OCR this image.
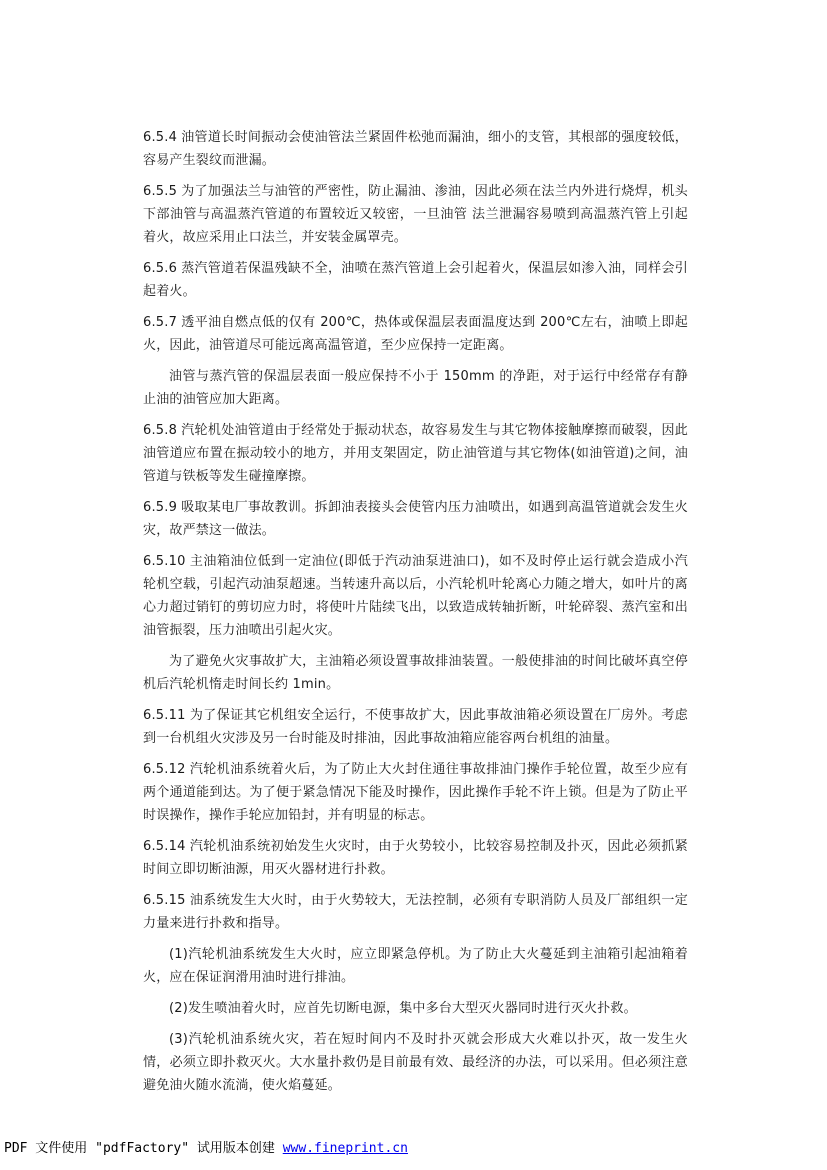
6.5.4 油管道长时间振动会使油管法兰紧固件松弛而漏油，细小的支管，其根部的强度较低，容易产生裂纹而泄漏。

6.5.5 为了加强法兰与油管的严密性，防止漏油、渗油，因此必须在法兰内外进行烧焊，机头下部油管与高温蒸汽管道的布置较近又较密，一旦油管 法兰泄漏容易喷到高温蒸汽管上引起着火，故应采用止口法兰，并安装金属罩壳。

6.5.6 蒸汽管道若保温残缺不全，油喷在蒸汽管道上会引起着火，保温层如渗入油，同样会引起着火。

6.5.7 透平油自燃点低的仅有 200℃，热体或保温层表面温度达到 200℃左右，油喷上即起火，因此，油管道尽可能远离高温管道，至少应保持一定距离。

油管与蒸汽管的保温层表面一般应保持不小于 150mm 的净距，对于运行中经常存有静止油的油管应加大距离。

6.5.8 汽轮机处油管道由于经常处于振动状态，故容易发生与其它物体接触摩擦而破裂，因此油管道应布置在振动较小的地方，并用支架固定，防止油管道与其它物体(如油管道)之间，油管道与铁板等发生碰撞摩擦。

6.5.9 吸取某电厂事故教训。拆卸油表接头会使管内压力油喷出，如遇到高温管道就会发生火灾，故严禁这一做法。

6.5.10 主油箱油位低到一定油位(即低于汽动油泵进油口)，如不及时停止运行就会造成小汽轮机空载，引起汽动油泵超速。当转速升高以后，小汽轮机叶轮离心力随之增大，如叶片的离心力超过销钉的剪切应力时，将使叶片陆续飞出，以致造成转轴折断，叶轮碎裂、蒸汽室和出油管振裂，压力油喷出引起火灾。

为了避免火灾事故扩大，主油箱必须设置事故排油装置。一般使排油的时间比破坏真空停机后汽轮机惰走时间长约 1min。

6.5.11 为了保证其它机组安全运行，不使事故扩大，因此事故油箱必须设置在厂房外。考虑到一台机组火灾涉及另一台时能及时排油，因此事故油箱应能容两台机组的油量。

6.5.12 汽轮机油系统着火后，为了防止大火封住通往事故排油门操作手轮位置，故至少应有两个通道能到达。为了便于紧急情况下能及时操作，因此操作手轮不许上锁。但是为了防止平时误操作，操作手轮应加铅封，并有明显的标志。

6.5.14 汽轮机油系统初始发生火灾时，由于火势较小，比较容易控制及扑灭，因此必须抓紧时间立即切断油源，用灭火器材进行扑救。

6.5.15 油系统发生大火时，由于火势较大，无法控制，必须有专职消防人员及厂部组织一定力量来进行扑救和指导。

(1)汽轮机油系统发生大火时，应立即紧急停机。为了防止大火蔓延到主油箱引起油箱着火，应在保证润滑用油时进行排油。

(2)发生喷油着火时，应首先切断电源，集中多台大型灭火器同时进行灭火扑救。

(3)汽轮机油系统火灾，若在短时间内不及时扑灭就会形成大火难以扑灭，故一发生火情，必须立即扑救灭火。大水量扑救仍是目前最有效、最经济的办法，可以采用。但必须注意避免油火随水流淌，使火焰蔓延。

PDF 文件使用 "pdfFactory" 试用版本创建 www.fineprint.cn
